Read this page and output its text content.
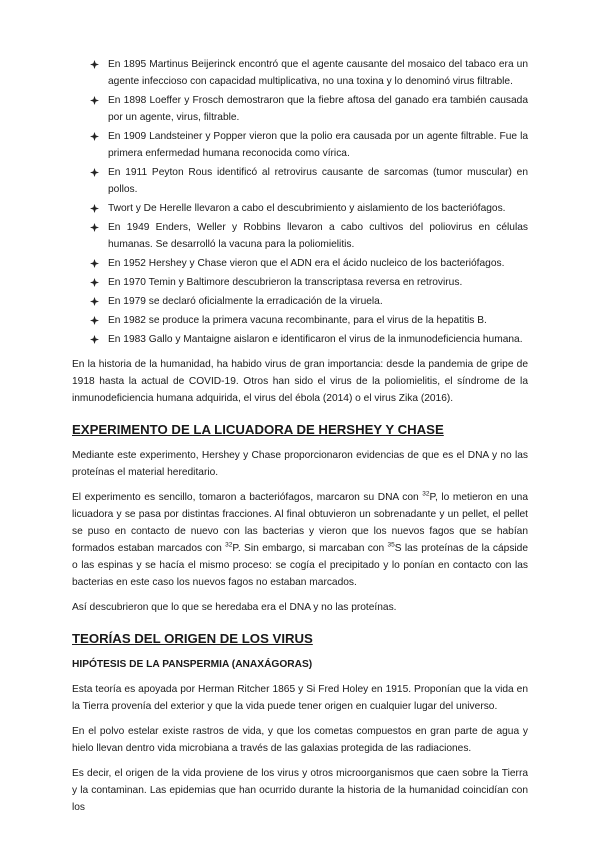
En 1895 Martinus Beijerinck encontró que el agente causante del mosaico del tabaco era un agente infeccioso con capacidad multiplicativa, no una toxina y lo denominó virus filtrable.
En 1898 Loeffer y Frosch demostraron que la fiebre aftosa del ganado era también causada por un agente, virus, filtrable.
En 1909 Landsteiner y Popper vieron que la polio era causada por un agente filtrable. Fue la primera enfermedad humana reconocida como vírica.
En 1911 Peyton Rous identificó al retrovirus causante de sarcomas (tumor muscular) en pollos.
Twort y De Herelle llevaron a cabo el descubrimiento y aislamiento de los bacteriófagos.
En 1949 Enders, Weller y Robbins llevaron a cabo cultivos del poliovirus en células humanas. Se desarrolló la vacuna para la poliomielitis.
En 1952 Hershey y Chase vieron que el ADN era el ácido nucleico de los bacteriófagos.
En 1970 Temin y Baltimore descubrieron la transcriptasa reversa en retrovirus.
En 1979 se declaró oficialmente la erradicación de la viruela.
En 1982 se produce la primera vacuna recombinante, para el virus de la hepatitis B.
En 1983 Gallo y Mantaigne aislaron e identificaron el virus de la inmunodeficiencia humana.

En la historia de la humanidad, ha habido virus de gran importancia: desde la pandemia de gripe de 1918 hasta la actual de COVID-19. Otros han sido el virus de la poliomielitis, el síndrome de la inmunodeficiencia humana adquirida, el virus del ébola (2014) o el virus Zika (2016).

EXPERIMENTO DE LA LICUADORA DE HERSHEY Y CHASE

Mediante este experimento, Hershey y Chase proporcionaron evidencias de que es el DNA y no las proteínas el material hereditario.

El experimento es sencillo, tomaron a bacteriófagos, marcaron su DNA con $^{32}$P, lo metieron en una licuadora y se pasa por distintas fracciones. Al final obtuvieron un sobrenadante y un pellet, el pellet se puso en contacto de nuevo con las bacterias y vieron que los nuevos fagos que se habían formados estaban marcados con $^{32}$P. Sin embargo, si marcaban con $^{35}$S las proteínas de la cápside o las espinas y se hacía el mismo proceso: se cogía el precipitado y lo ponían en contacto con las bacterias en este caso los nuevos fagos no estaban marcados.

Así descubrieron que lo que se heredaba era el DNA y no las proteínas.

TEORÍAS DEL ORIGEN DE LOS VIRUS
HIPÓTESIS DE LA PANSPERMIA (ANAXÁGORAS)

Esta teoría es apoyada por Herman Ritcher 1865 y Si Fred Holey en 1915. Proponían que la vida en la Tierra provenía del exterior y que la vida puede tener origen en cualquier lugar del universo.

En el polvo estelar existe rastros de vida, y que los cometas compuestos en gran parte de agua y hielo llevan dentro vida microbiana a través de las galaxias protegida de las radiaciones.

Es decir, el origen de la vida proviene de los virus y otros microorganismos que caen sobre la Tierra y la contaminan. Las epidemias que han ocurrido durante la historia de la humanidad coincidían con los
